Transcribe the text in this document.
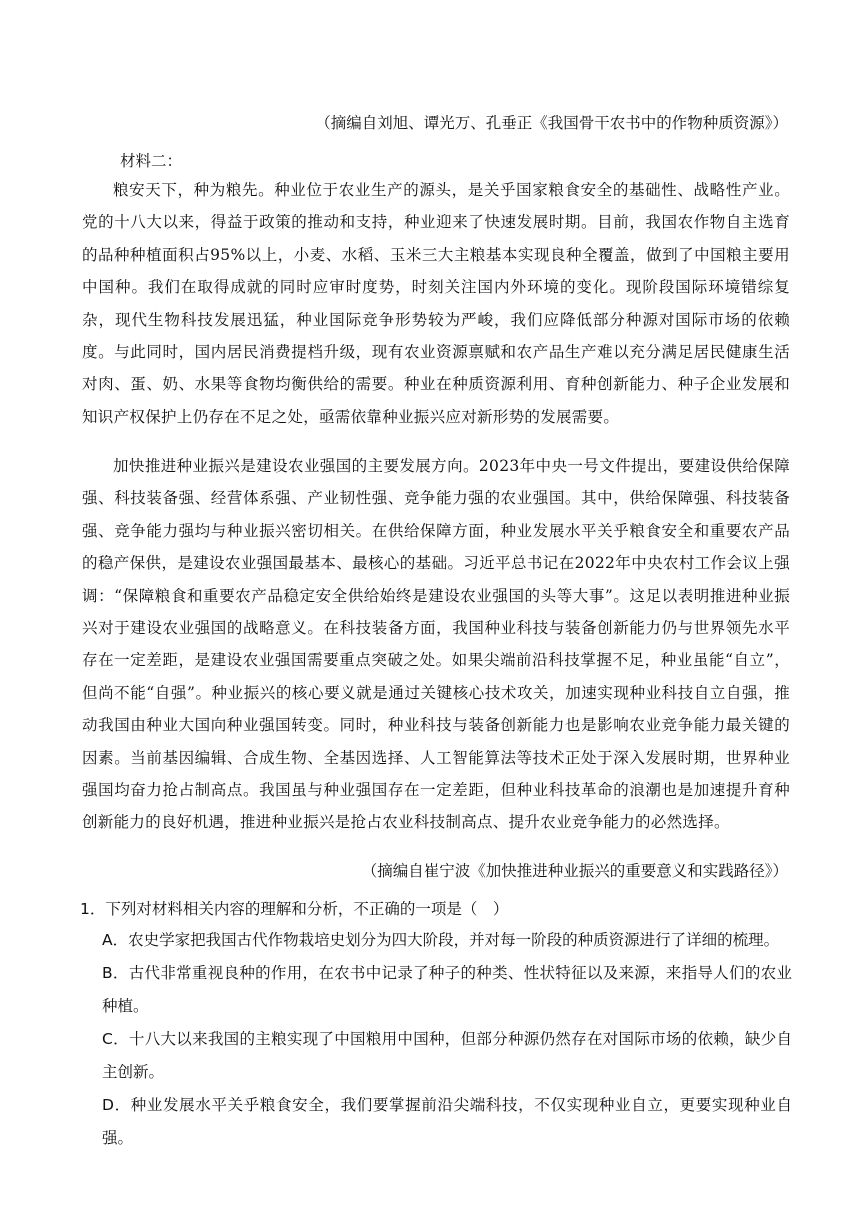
（摘编自刘旭、谭光万、孔垂正《我国骨干农书中的作物种质资源》）
材料二：

粮安天下，种为粮先。种业位于农业生产的源头，是关乎国家粮食安全的基础性、战略性产业。党的十八大以来，得益于政策的推动和支持，种业迎来了快速发展时期。目前，我国农作物自主选育的品种种植面积占95%以上，小麦、水稻、玉米三大主粮基本实现良种全覆盖，做到了中国粮主要用中国种。我们在取得成就的同时应审时度势，时刻关注国内外环境的变化。现阶段国际环境错综复杂，现代生物科技发展迅猛，种业国际竞争形势较为严峻，我们应降低部分种源对国际市场的依赖度。与此同时，国内居民消费提档升级，现有农业资源禀赋和农产品生产难以充分满足居民健康生活对肉、蛋、奶、水果等食物均衡供给的需要。种业在种质资源利用、育种创新能力、种子企业发展和知识产权保护上仍存在不足之处，亟需依靠种业振兴应对新形势的发展需要。

加快推进种业振兴是建设农业强国的主要发展方向。2023年中央一号文件提出，要建设供给保障强、科技装备强、经营体系强、产业韧性强、竞争能力强的农业强国。其中，供给保障强、科技装备强、竞争能力强均与种业振兴密切相关。在供给保障方面，种业发展水平关乎粮食安全和重要农产品的稳产保供，是建设农业强国最基本、最核心的基础。习近平总书记在2022年中央农村工作会议上强调：“保障粮食和重要农产品稳定安全供给始终是建设农业强国的头等大事”。这足以表明推进种业振兴对于建设农业强国的战略意义。在科技装备方面，我国种业科技与装备创新能力仍与世界领先水平存在一定差距，是建设农业强国需要重点突破之处。如果尖端前沿科技掌握不足，种业虽能“自立”，但尚不能“自强”。种业振兴的核心要义就是通过关键核心技术攻关，加速实现种业科技自立自强，推动我国由种业大国向种业强国转变。同时，种业科技与装备创新能力也是影响农业竞争能力最关键的因素。当前基因编辑、合成生物、全基因选择、人工智能算法等技术正处于深入发展时期，世界种业强国均奋力抢占制高点。我国虽与种业强国存在一定差距，但种业科技革命的浪潮也是加速提升育种创新能力的良好机遇，推进种业振兴是抢占农业科技制高点、提升农业竞争能力的必然选择。

（摘编自崔宁波《加快推进种业振兴的重要意义和实践路径》）
1．下列对材料相关内容的理解和分析，不正确的一项是（　）

A．农史学家把我国古代作物栽培史划分为四大阶段，并对每一阶段的种质资源进行了详细的梳理。

B．古代非常重视良种的作用，在农书中记录了种子的种类、性状特征以及来源，来指导人们的农业种植。

C．十八大以来我国的主粮实现了中国粮用中国种，但部分种源仍然存在对国际市场的依赖，缺少自主创新。

D．种业发展水平关乎粮食安全，我们要掌握前沿尖端科技，不仅实现种业自立，更要实现种业自强。
